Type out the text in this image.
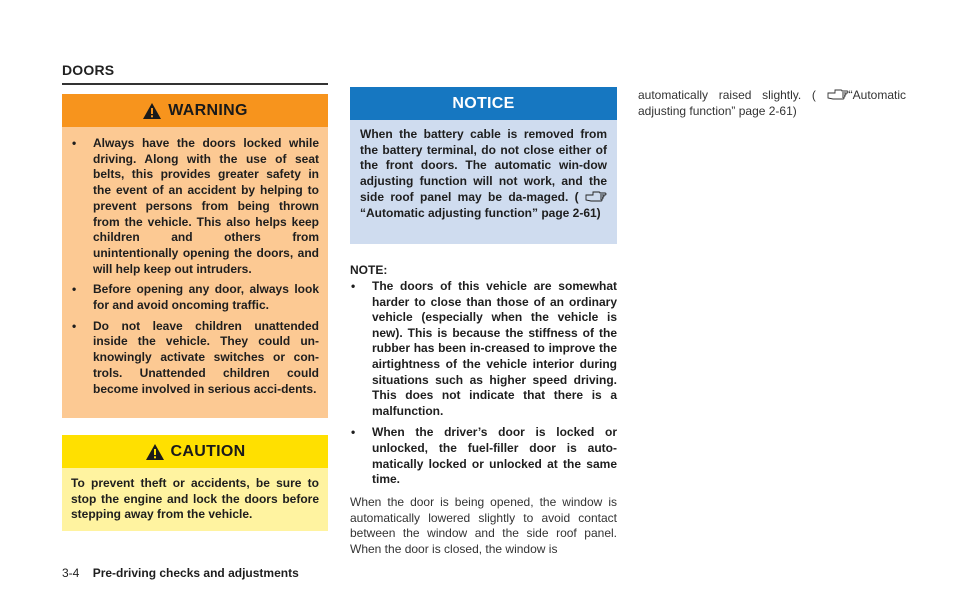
DOORS
WARNING
• Always have the doors locked while driving. Along with the use of seat belts, this provides greater safety in the event of an accident by helping to prevent persons from being thrown from the vehicle. This also helps keep children and others from unintentionally opening the doors, and will help keep out intruders.
• Before opening any door, always look for and avoid oncoming traffic.
• Do not leave children unattended inside the vehicle. They could un-knowingly activate switches or con-trols. Unattended children could become involved in serious acci-dents.
CAUTION
To prevent theft or accidents, be sure to stop the engine and lock the doors before stepping away from the vehicle.
NOTICE
When the battery cable is removed from the battery terminal, do not close either of the front doors. The automatic win-dow adjusting function will not work, and the side roof panel may be da-maged. ( “Automatic adjusting function” page 2-61)
NOTE:
• The doors of this vehicle are somewhat harder to close than those of an ordinary vehicle (especially when the vehicle is new). This is because the stiffness of the rubber has been in-creased to improve the airtightness of the vehicle interior during situations such as higher speed driving. This does not indicate that there is a malfunction.
• When the driver’s door is locked or unlocked, the fuel-filler door is auto-matically locked or unlocked at the same time.
When the door is being opened, the window is automatically lowered slightly to avoid contact between the window and the side roof panel. When the door is closed, the window is
automatically raised slightly. (	“Automatic adjusting function” page 2-61)
3-4 Pre-driving checks and adjustments
